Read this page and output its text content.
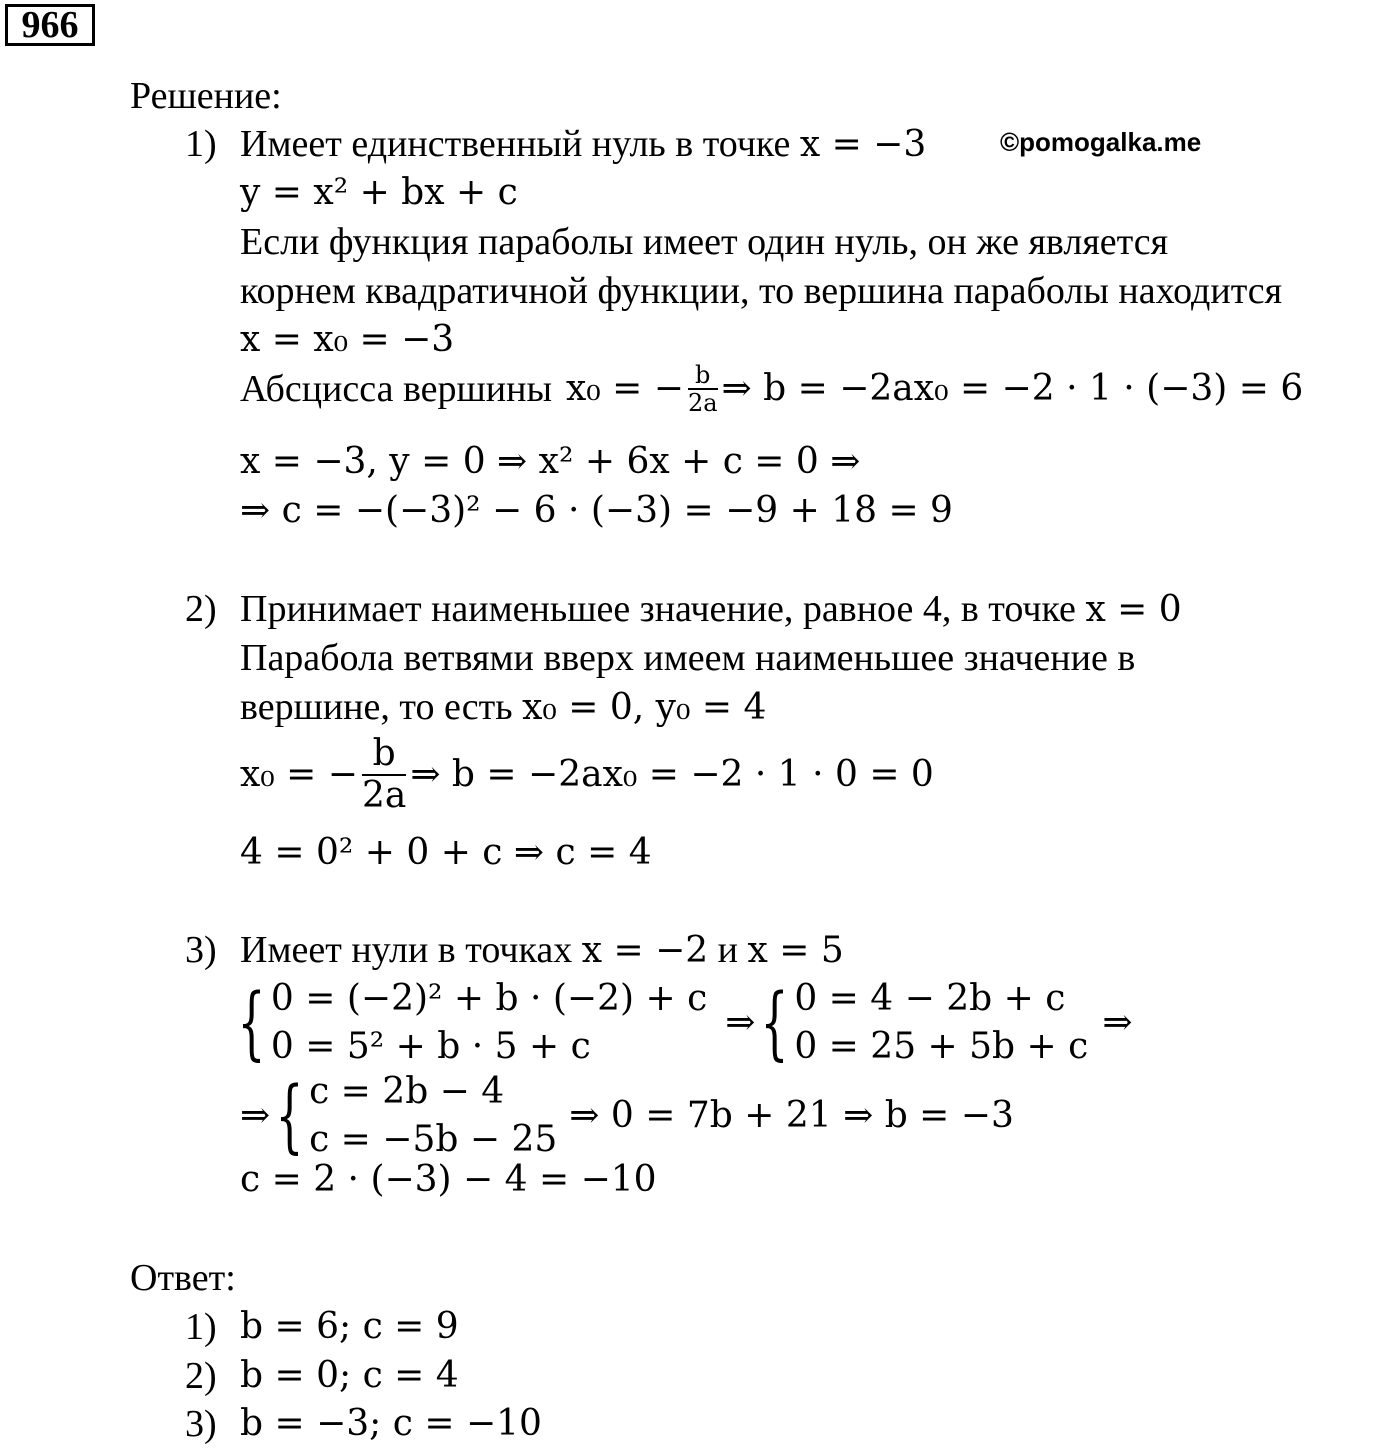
966
Решение:
1) Имеет единственный нуль в точке x = −3	©pomogalka.me
y = x² + bx + c
Если функция параболы имеет один нуль, он же является
корнем квадратичной функции, то вершина параболы находится
x = x₀ = −3
Абсцисса вершины x₀ = − $\frac{b}{2a}$ ⇒ b = −2ax₀ = −2 · 1 · (−3) = 6
x = −3, y = 0 ⇒ x² + 6x + c = 0 ⇒
⇒ c = −(−3)² − 6 · (−3) = −9 + 18 = 9
2) Принимает наименьшее значение, равное 4, в точке x = 0
Парабола ветвями вверх имеем наименьшее значение в
вершине, то есть x₀ = 0, y₀ = 4
x₀ = − $\frac{b}{2a}$ ⇒ b = −2ax₀ = −2 · 1 · 0 = 0
4 = 0² + 0 + c ⇒ c = 4
3) Имеет нули в точках x = −2 и x = 5
{ 0 = (−2)² + b · (−2) + c
0 = 5² + b · 5 + c
⇒ { 0 = 4 − 2b + c
0 = 25 + 5b + c
⇒
⇒ { c = 2b − 4
c = −5b − 25
⇒ 0 = 7b + 21 ⇒ b = −3
c = 2 · (−3) − 4 = −10
Ответ:
1) b = 6; c = 9
2) b = 0; c = 4
3) b = −3; c = −10
